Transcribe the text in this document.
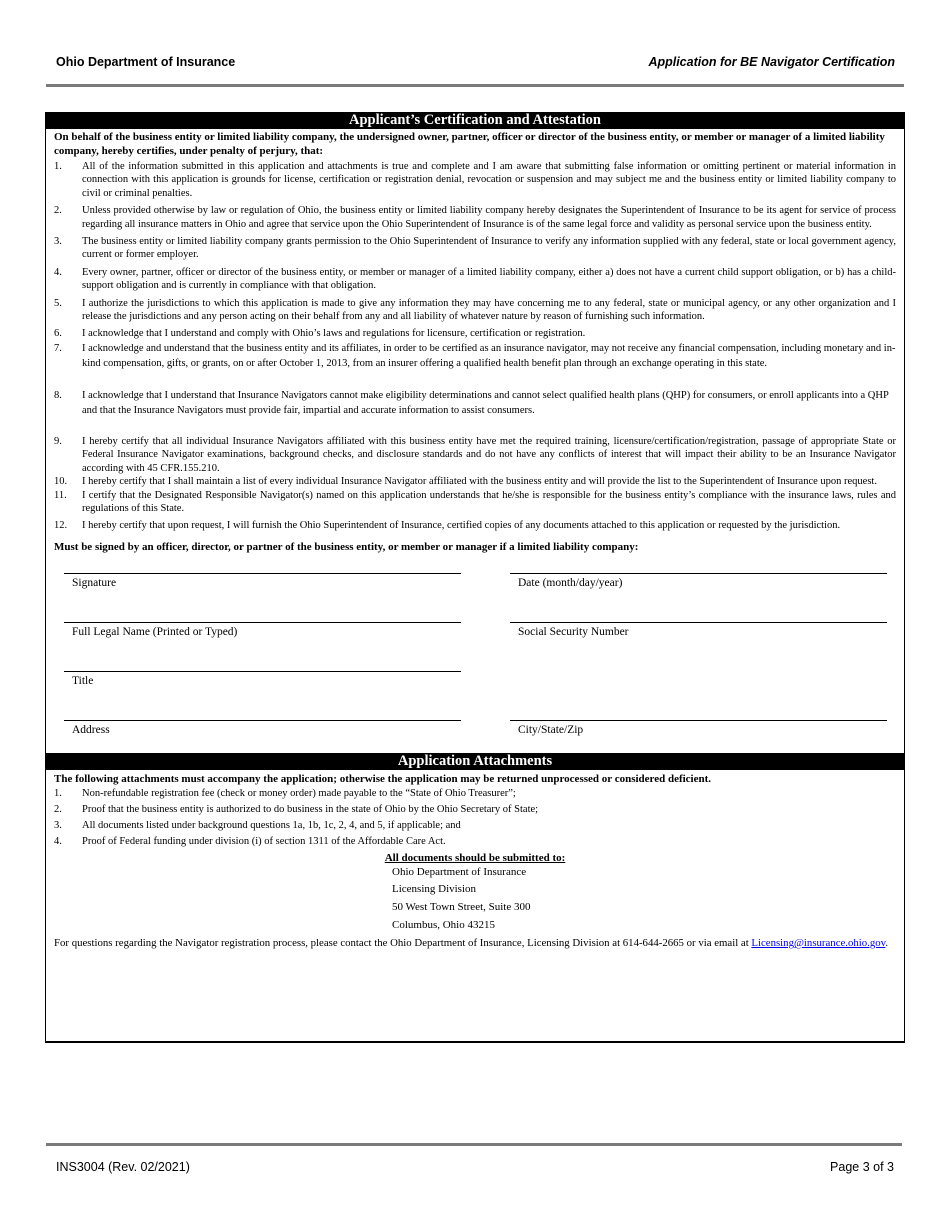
Ohio Department of Insurance	Application for BE Navigator Certification
Applicant’s Certification and Attestation
On behalf of the business entity or limited liability company, the undersigned owner, partner, officer or director of the business entity, or member or manager of a limited liability company, hereby certifies, under penalty of perjury, that:
1.	All of the information submitted in this application and attachments is true and complete and I am aware that submitting false information or omitting pertinent or material information in connection with this application is grounds for license, certification or registration denial, revocation or suspension and may subject me and the business entity or limited liability company to civil or criminal penalties.
2.	Unless provided otherwise by law or regulation of Ohio, the business entity or limited liability company hereby designates the Superintendent of Insurance to be its agent for service of process regarding all insurance matters in Ohio and agree that service upon the Ohio Superintendent of Insurance is of the same legal force and validity as personal service upon the business entity.
3.	The business entity or limited liability company grants permission to the Ohio Superintendent of Insurance to verify any information supplied with any federal, state or local government agency, current or former employer.
4.	Every owner, partner, officer or director of the business entity, or member or manager of a limited liability company, either a) does not have a current child support obligation, or b) has a child-support obligation and is currently in compliance with that obligation.
5.	I authorize the jurisdictions to which this application is made to give any information they may have concerning me to any federal, state or municipal agency, or any other organization and I release the jurisdictions and any person acting on their behalf from any and all liability of whatever nature by reason of furnishing such information.
6.	I acknowledge that I understand and comply with Ohio’s laws and regulations for licensure, certification or registration.
7.	I acknowledge and understand that the business entity and its affiliates, in order to be certified as an insurance navigator, may not receive any financial compensation, including monetary and in-kind compensation, gifts, or grants, on or after October 1, 2013, from an insurer offering a qualified health benefit plan through an exchange operating in this state.
8.	I acknowledge that I understand that Insurance Navigators cannot make eligibility determinations and cannot select qualified health plans (QHP) for consumers, or enroll applicants into a QHP and that the Insurance Navigators must provide fair, impartial and accurate information to assist consumers.
9.	I hereby certify that all individual Insurance Navigators affiliated with this business entity have met the required training, licensure/certification/registration, passage of appropriate State or Federal Insurance Navigator examinations, background checks, and disclosure standards and do not have any conflicts of interest that will impact their ability to be an Insurance Navigator according with 45 CFR.155.210.
10.	I hereby certify that I shall maintain a list of every individual Insurance Navigator affiliated with the business entity and will provide the list to the Superintendent of Insurance upon request.
11.	I certify that the Designated Responsible Navigator(s) named on this application understands that he/she is responsible for the business entity’s compliance with the insurance laws, rules and regulations of this State.
12.	I hereby certify that upon request, I will furnish the Ohio Superintendent of Insurance, certified copies of any documents attached to this application or requested by the jurisdiction.
Must be signed by an officer, director, or partner of the business entity, or member or manager if a limited liability company:
Signature	Date (month/day/year)
Full Legal Name (Printed or Typed)	Social Security Number
Title
Address	City/State/Zip
Application Attachments
The following attachments must accompany the application; otherwise the application may be returned unprocessed or considered deficient.
1.	Non-refundable registration fee (check or money order) made payable to the “State of Ohio Treasurer”;
2.	Proof that the business entity is authorized to do business in the state of Ohio by the Ohio Secretary of State;
3.	All documents listed under background questions 1a, 1b, 1c, 2, 4, and 5, if applicable; and
4.	Proof of Federal funding under division (i) of section 1311 of the Affordable Care Act.
All documents should be submitted to:
Ohio Department of Insurance
Licensing Division
50 West Town Street, Suite 300
Columbus, Ohio 43215
For questions regarding the Navigator registration process, please contact the Ohio Department of Insurance, Licensing Division at 614-644-2665 or via email at Licensing@insurance.ohio.gov.
INS3004 (Rev. 02/2021)	Page 3 of 3
